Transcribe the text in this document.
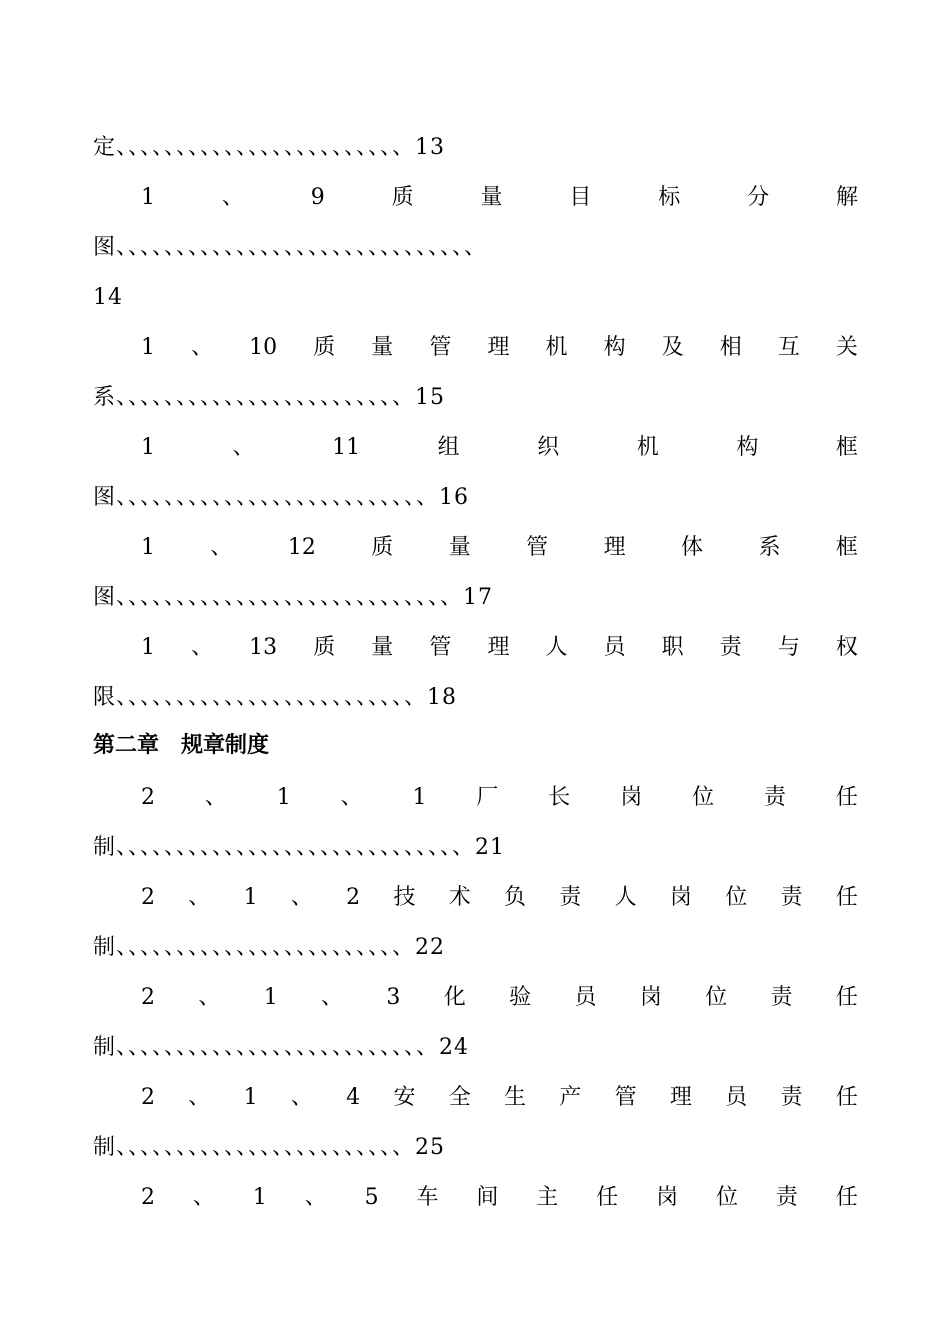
定、、、、、、、、、、、、、、、、、、、、、、、、13
1	、	9	质	量	目	标	分	解
图、、、、、、、、、、、、、、、、、、、、、、、、、、、、、、
14
1 、 10 质 量 管 理 机 构 及 相 互 关
系、、、、、、、、、、、、、、、、、、、、、、、、15
1	、	11	组	织	机	构	框
图、、、、、、、、、、、、、、、、、、、、、、、、、、16
1	、	12	质	量	管	理	体	系	框
图、、、、、、、、、、、、、、、、、、、、、、、、、、、、17
1 、 13 质 量 管 理 人 员 职 责 与 权
限、、、、、、、、、、、、、、、、、、、、、、、、、18
第二章　规章制度
2 、 1 、 1 厂 长 岗 位 责 任
制、、、、、、、、、、、、、、、、、、、、、、、、、、、、、21
2 、 1 、 2 技 术 负 责 人 岗 位 责 任
制、、、、、、、、、、、、、、、、、、、、、、、、22
2 、 1 、 3 化 验 员 岗 位 责 任
制、、、、、、、、、、、、、、、、、、、、、、、、、、24
2 、 1 、 4 安 全 生 产 管 理 员 责 任
制、、、、、、、、、、、、、、、、、、、、、、、、25
2 、 1 、 5 车 间 主 任 岗 位 责 任
